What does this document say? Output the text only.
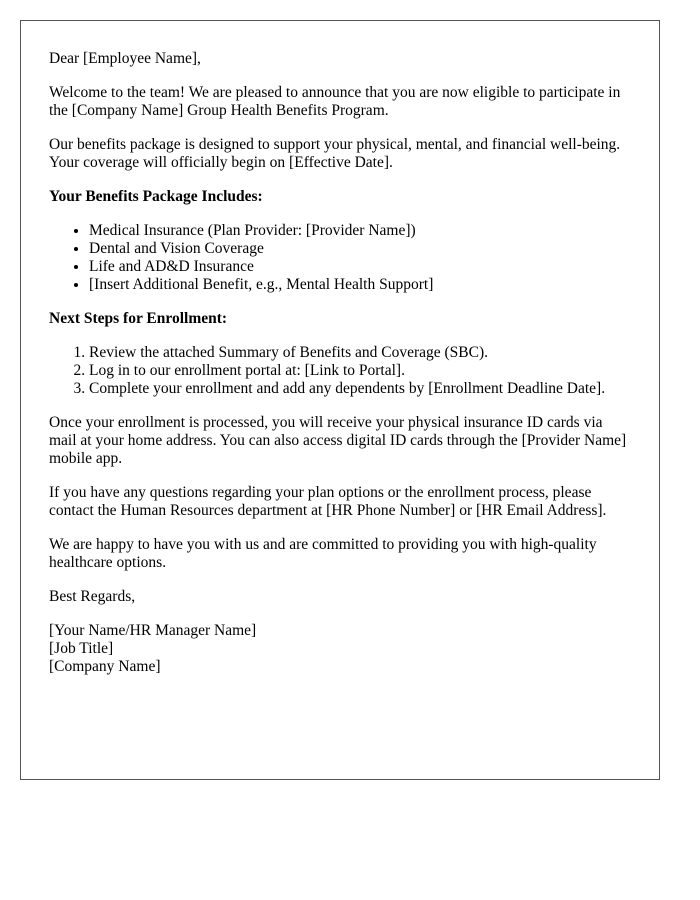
Dear [Employee Name],

Welcome to the team! We are pleased to announce that you are now eligible to participate in the [Company Name] Group Health Benefits Program.

Our benefits package is designed to support your physical, mental, and financial well-being. Your coverage will officially begin on [Effective Date].

Your Benefits Package Includes:
• Medical Insurance (Plan Provider: [Provider Name])
• Dental and Vision Coverage
• Life and AD&D Insurance
• [Insert Additional Benefit, e.g., Mental Health Support]
Next Steps for Enrollment:
1. Review the attached Summary of Benefits and Coverage (SBC).
2. Log in to our enrollment portal at: [Link to Portal].
3. Complete your enrollment and add any dependents by [Enrollment Deadline Date].

Once your enrollment is processed, you will receive your physical insurance ID cards via mail at your home address. You can also access digital ID cards through the [Provider Name] mobile app.

If you have any questions regarding your plan options or the enrollment process, please contact the Human Resources department at [HR Phone Number] or [HR Email Address].

We are happy to have you with us and are committed to providing you with high-quality healthcare options.

Best Regards,

[Your Name/HR Manager Name]
[Job Title]
[Company Name]
